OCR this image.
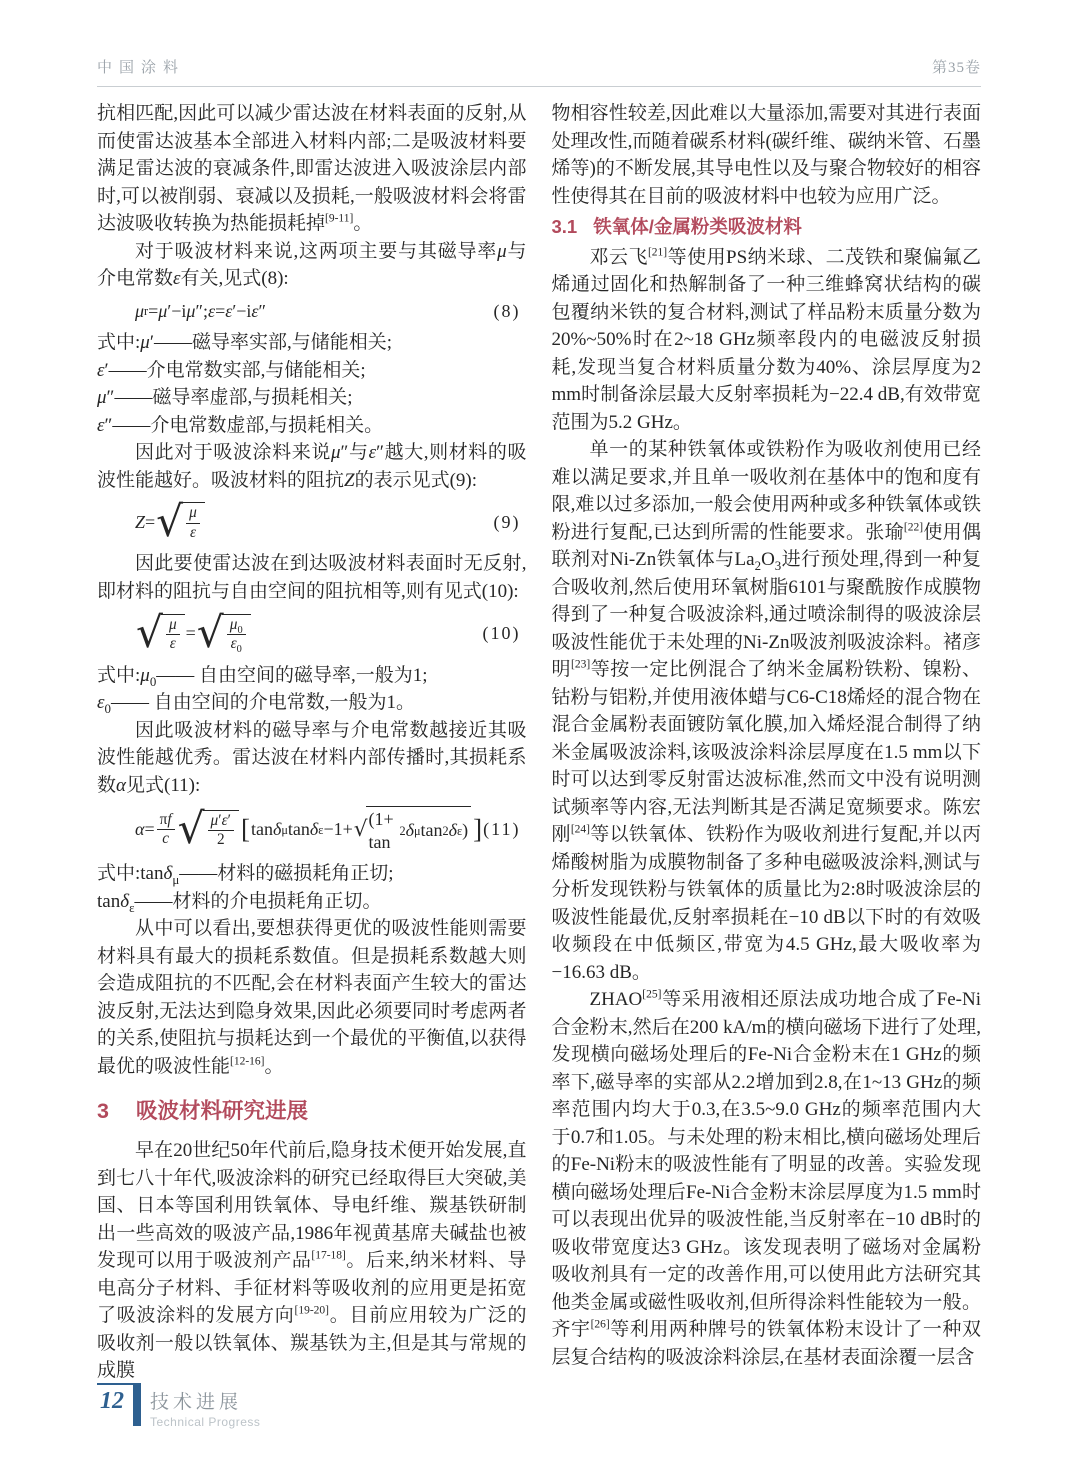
中国涂料	第35卷

抗相匹配,因此可以减少雷达波在材料表面的反射,从而使雷达波基本全部进入材料内部;二是吸波材料要满足雷达波的衰减条件,即雷达波进入吸波涂层内部时,可以被削弱、衰减以及损耗,一般吸波材料会将雷达波吸收转换为热能损耗掉[9-11]。

对于吸波材料来说,这两项主要与其磁导率μ与介电常数ε有关,见式(8):

μ r = μ ′−i μ ″; ε = ε ′−i ε ″	(8)

式中:μ′——磁导率实部,与储能相关;

ε′——介电常数实部,与储能相关;

μ″——磁导率虚部,与损耗相关;

ε″——介电常数虚部,与损耗相关。

因此对于吸波涂料来说μ″与ε″越大,则材料的吸波性能越好。吸波材料的阻抗Z的表示见式(9):

Z = √ $\frac{\mu}{\varepsilon}$	(9)

因此要使雷达波在到达吸波材料表面时无反射,即材料的阻抗与自由空间的阻抗相等,则有见式(10):

√ $\frac{\mu}{\varepsilon}$ = √ $\frac{\mu_0}{\varepsilon_0}$	(10)

式中$:\mu_0——$ 自由空间的磁导率,一般为1;

$\varepsilon_0——$ 自由空间的介电常数,一般为1。

因此吸波材料的磁导率与介电常数越接近其吸波性能越优秀。雷达波在材料内部传播时,其损耗系数α见式(11):

$\alpha = \frac{\pi f}{c}$ √ $\frac{\mu'\varepsilon'}{2}$ [ tan δ μ tan δ ε −1+ √ (1+ tan
2 δ μ tan 2 δ ε ) ] (11)

式中:tanδ$_\mu$——材料的磁损耗角正切;

tanδ$_\varepsilon$——材料的介电损耗角正切。

从中可以看出,要想获得更优的吸波性能则需要材料具有最大的损耗系数值。但是损耗系数越大则会造成阻抗的不匹配,会在材料表面产生较大的雷达波反射,无法达到隐身效果,因此必须要同时考虑两者的关系,使阻抗与损耗达到一个最优的平衡值,以获得最优的吸波性能[12-16]。

3 吸波材料研究进展

早在20世纪50年代前后,隐身技术便开始发展,直到七八十年代,吸波涂料的研究已经取得巨大突破,美国、日本等国利用铁氧体、导电纤维、羰基铁研制出一些高效的吸波产品,1986年视黄基席夫碱盐也被发现可以用于吸波剂产品[17-18]。后来,纳米材料、导电高分子材料、手征材料等吸收剂的应用更是拓宽了吸波涂料的发展方向[19-20]。目前应用较为广泛的吸收剂一般以铁氧体、羰基铁为主,但是其与常规的成膜

物相容性较差,因此难以大量添加,需要对其进行表面处理改性,而随着碳系材料(碳纤维、碳纳米管、石墨烯等)的不断发展,其导电性以及与聚合物较好的相容性使得其在目前的吸波材料中也较为应用广泛。

3.1 铁氧体/金属粉类吸波材料

邓云飞[21]等使用PS纳米球、二茂铁和聚偏氟乙烯通过固化和热解制备了一种三维蜂窝状结构的碳包覆纳米铁的复合材料,测试了样品粉末质量分数为20%~50%时在2~18 GHz频率段内的电磁波反射损耗,发现当复合材料质量分数为40%、涂层厚度为2 mm时制备涂层最大反射率损耗为−22.4 dB,有效带宽范围为5.2 GHz。

单一的某种铁氧体或铁粉作为吸收剂使用已经难以满足要求,并且单一吸收剂在基体中的饱和度有限,难以过多添加,一般会使用两种或多种铁氧体或铁粉进行复配,已达到所需的性能要求。张瑜[22]使用偶联剂对Ni-Zn铁氧体与$La_2O_3$进行预处理,得到一种复合吸收剂,然后使用环氧树脂6101与聚酰胺作成膜物得到了一种复合吸波涂料,通过喷涂制得的吸波涂层吸波性能优于未处理的Ni-Zn吸波剂吸波涂料。褚彦明[23]等按一定比例混合了纳米金属粉铁粉、镍粉、钴粉与铝粉,并使用液体蜡与C6-C18烯烃的混合物在混合金属粉表面镀防氧化膜,加入烯烃混合制得了纳米金属吸波涂料,该吸波涂料涂层厚度在1.5 mm以下时可以达到零反射雷达波标准,然而文中没有说明测试频率等内容,无法判断其是否满足宽频要求。陈宏刚[24]等以铁氧体、铁粉作为吸收剂进行复配,并以丙烯酸树脂为成膜物制备了多种电磁吸波涂料,测试与分析发现铁粉与铁氧体的质量比为2:8时吸波涂层的吸波性能最优,反射率损耗在−10 dB以下时的有效吸收频段在中低频区,带宽为4.5 GHz,最大吸收率为−16.63 dB。

ZHAO[25]等采用液相还原法成功地合成了Fe-Ni合金粉末,然后在200 kA/m的横向磁场下进行了处理,发现横向磁场处理后的Fe-Ni合金粉末在1 GHz的频率下,磁导率的实部从2.2增加到2.8,在1~13 GHz的频率范围内均大于0.3,在3.5~9.0 GHz的频率范围内大于0.7和1.05。与未处理的粉末相比,横向磁场处理后的Fe-Ni粉末的吸波性能有了明显的改善。实验发现横向磁场处理后Fe-Ni合金粉末涂层厚度为1.5 mm时可以表现出优异的吸波性能,当反射率在−10 dB时的吸收带宽度达3 GHz。该发现表明了磁场对金属粉吸收剂具有一定的改善作用,可以使用此方法研究其他类金属或磁性吸收剂,但所得涂料性能较为一般。齐宇[26]等利用两种牌号的铁氧体粉末设计了一种双层复合结构的吸波涂料涂层,在基材表面涂覆一层含

12	技术进展
Technical Progress
